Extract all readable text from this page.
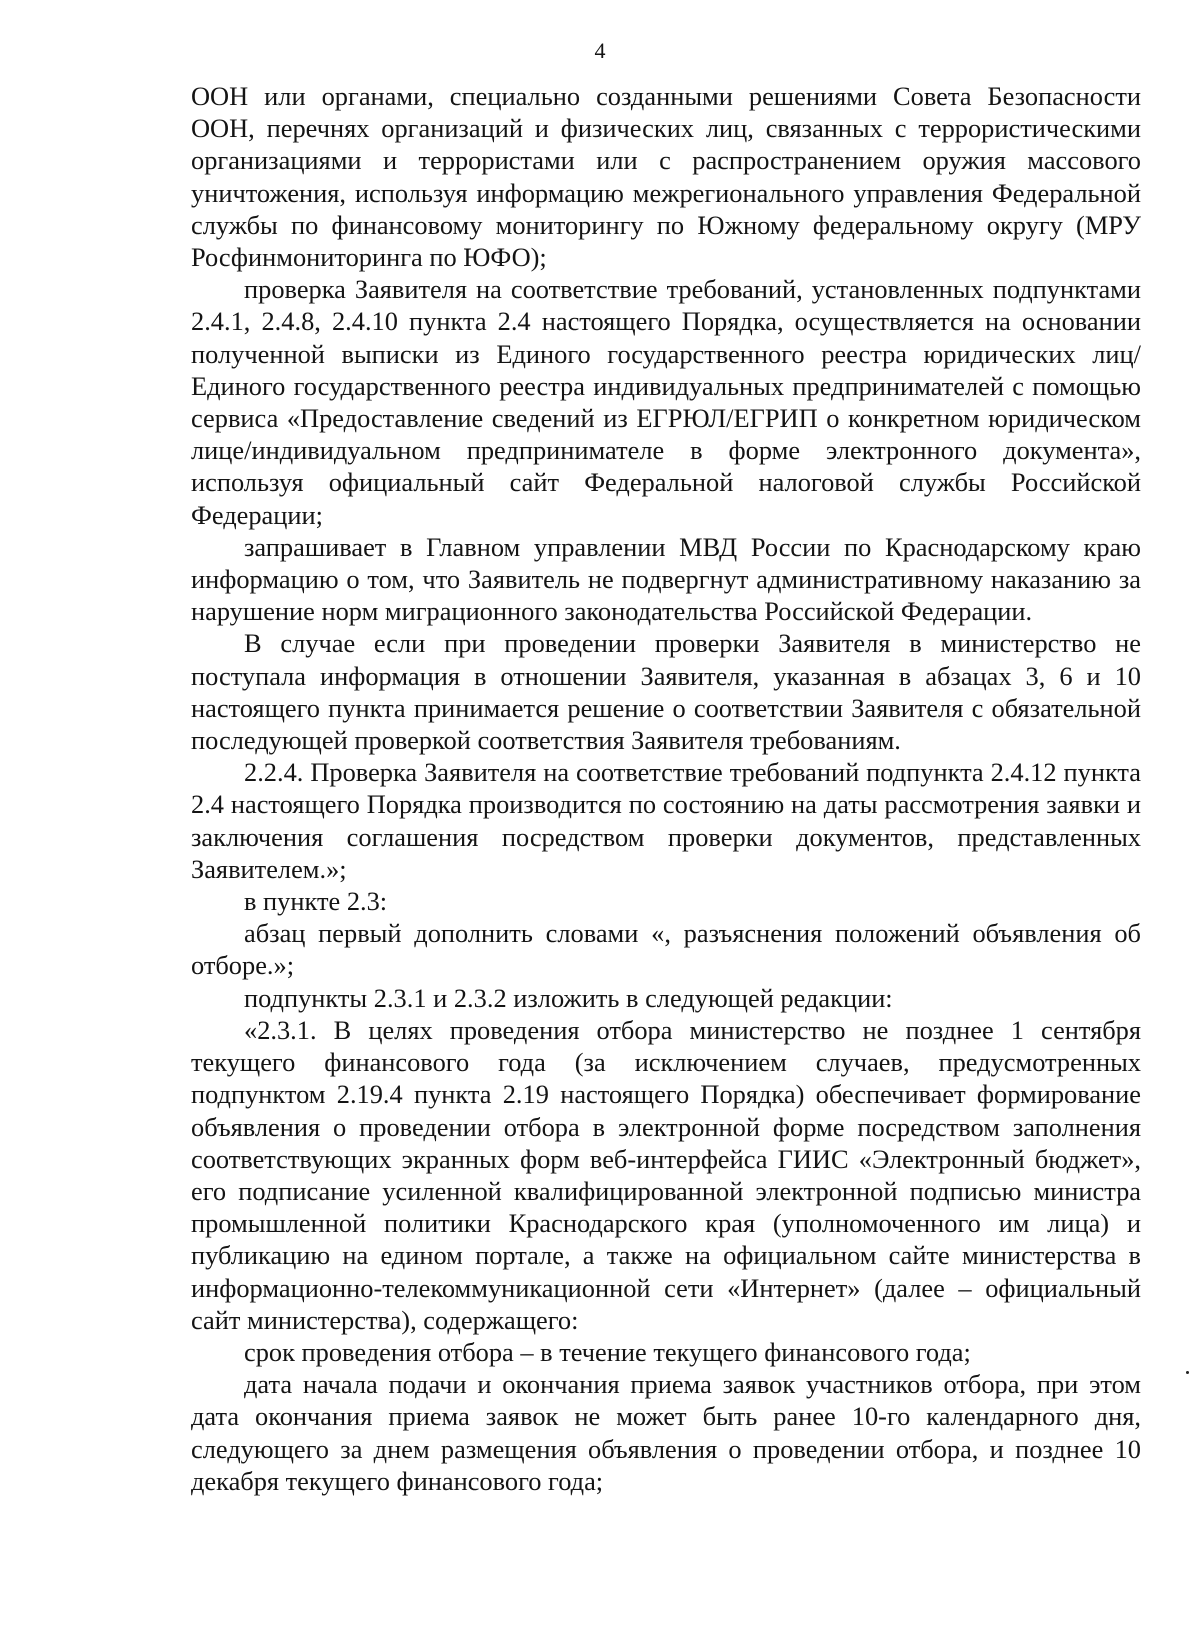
4

ООН или органами, специально созданными решениями Совета Безопасности ООН, перечнях организаций и физических лиц, связанных с террористическими организациями и террористами или с распространением оружия массового уничтожения, используя информацию межрегионального управления Федеральной службы по финансовому мониторингу по Южному федеральному округу (МРУ Росфинмониторинга по ЮФО);

проверка Заявителя на соответствие требований, установленных подпунктами 2.4.1, 2.4.8, 2.4.10 пункта 2.4 настоящего Порядка, осуществляется на основании полученной выписки из Единого государственного реестра юридических лиц/Единого государственного реестра индивидуальных предпринимателей с помощью сервиса «Предоставление сведений из ЕГРЮЛ/ЕГРИП о конкретном юридическом лице/индивидуальном предпринимателе в форме электронного документа», используя официальный сайт Федеральной налоговой службы Российской Федерации;

запрашивает в Главном управлении МВД России по Краснодарскому краю информацию о том, что Заявитель не подвергнут административному наказанию за нарушение норм миграционного законодательства Российской Федерации.

В случае если при проведении проверки Заявителя в министерство не поступала информация в отношении Заявителя, указанная в абзацах 3, 6 и 10 настоящего пункта принимается решение о соответствии Заявителя с обязательной последующей проверкой соответствия Заявителя требованиям.

2.2.4. Проверка Заявителя на соответствие требований подпункта 2.4.12 пункта 2.4 настоящего Порядка производится по состоянию на даты рассмотрения заявки и заключения соглашения посредством проверки документов, представленных Заявителем.»;

в пункте 2.3:

абзац первый дополнить словами «, разъяснения положений объявления об отборе.»;

подпункты 2.3.1 и 2.3.2 изложить в следующей редакции:

«2.3.1. В целях проведения отбора министерство не позднее 1 сентября текущего финансового года (за исключением случаев, предусмотренных подпунктом 2.19.4 пункта 2.19 настоящего Порядка) обеспечивает формирование объявления о проведении отбора в электронной форме посредством заполнения соответствующих экранных форм веб-интерфейса ГИИС «Электронный бюджет», его подписание усиленной квалифицированной электронной подписью министра промышленной политики Краснодарского края (уполномоченного им лица) и публикацию на едином портале, а также на официальном сайте министерства в информационно-телекоммуникационной сети «Интернет» (далее – официальный сайт министерства), содержащего:

срок проведения отбора – в течение текущего финансового года;

дата начала подачи и окончания приема заявок участников отбора, при этом дата окончания приема заявок не может быть ранее 10-го календарного дня, следующего за днем размещения объявления о проведении отбора, и позднее 10 декабря текущего финансового года;
